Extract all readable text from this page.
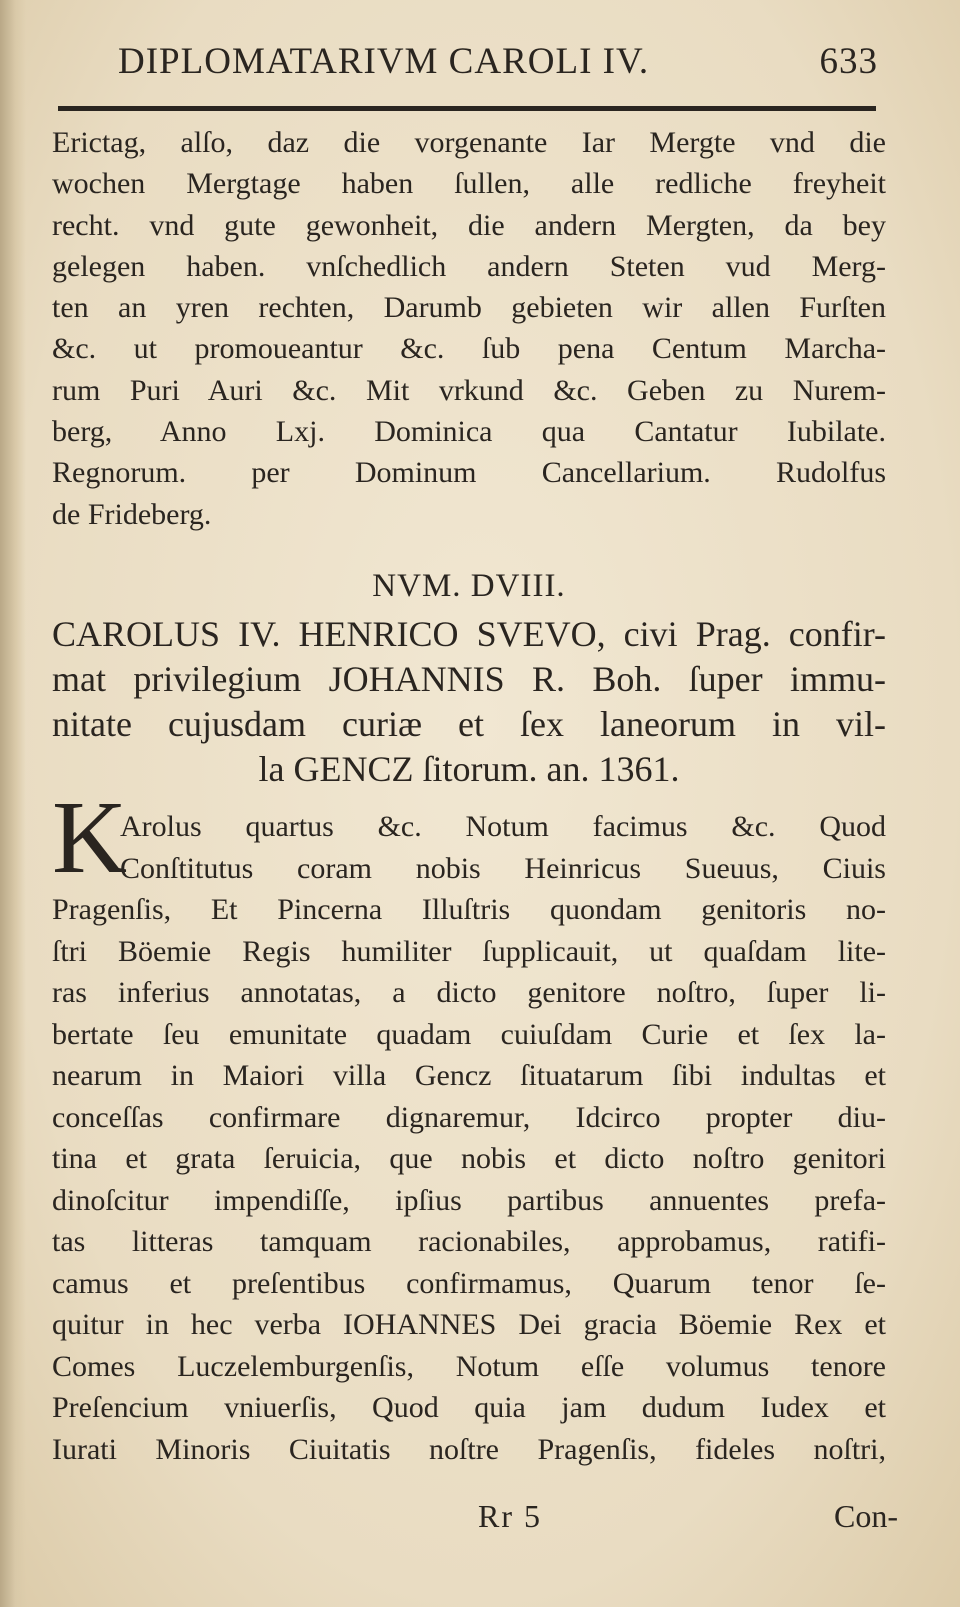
DIPLOMATARIVM CAROLI IV.	633
Erictag, alſo, daz die vorgenante Iar Mergte vnd die
wochen Mergtage haben ſullen, alle redliche freyheit
recht. vnd gute gewonheit, die andern Mergten, da bey
gelegen haben. vnſchedlich andern Steten vud Merg-
ten an yren rechten, Darumb gebieten wir allen Furſten
&c. ut promoueantur &c. ſub pena Centum Marcha-
rum Puri Auri &c. Mit vrkund &c. Geben zu Nurem-
berg, Anno Lxj. Dominica qua Cantatur Iubilate.
Regnorum. per Dominum Cancellarium. Rudolfus
de Frideberg.
NVM. DVIII.
CAROLUS IV. HENRICO SVEVO, civi Prag. confir-
mat privilegium JOHANNIS R. Boh. ſuper immu-
nitate cujusdam curiæ et ſex laneorum in vil-
la GENCZ ſitorum. an. 1361.
K
Arolus quartus &c. Notum facimus &c. Quod
Conſtitutus coram nobis Heinricus Sueuus, Ciuis
Pragenſis, Et Pincerna Illuſtris quondam genitoris no-
ſtri Böemie Regis humiliter ſupplicauit, ut quaſdam lite-
ras inferius annotatas, a dicto genitore noſtro, ſuper li-
bertate ſeu emunitate quadam cuiuſdam Curie et ſex la-
nearum in Maiori villa Gencz ſituatarum ſibi indultas et
conceſſas confirmare dignaremur, Idcirco propter diu-
tina et grata ſeruicia, que nobis et dicto noſtro genitori
dinoſcitur impendiſſe, ipſius partibus annuentes prefa-
tas litteras tamquam racionabiles, approbamus, ratifi-
camus et preſentibus confirmamus, Quarum tenor ſe-
quitur in hec verba IOHANNES Dei gracia Böemie Rex et
Comes Luczelemburgenſis, Notum eſſe volumus tenore
Preſencium vniuerſis, Quod quia jam dudum Iudex et
Iurati Minoris Ciuitatis noſtre Pragenſis, fideles noſtri,
Rr 5	Con-
